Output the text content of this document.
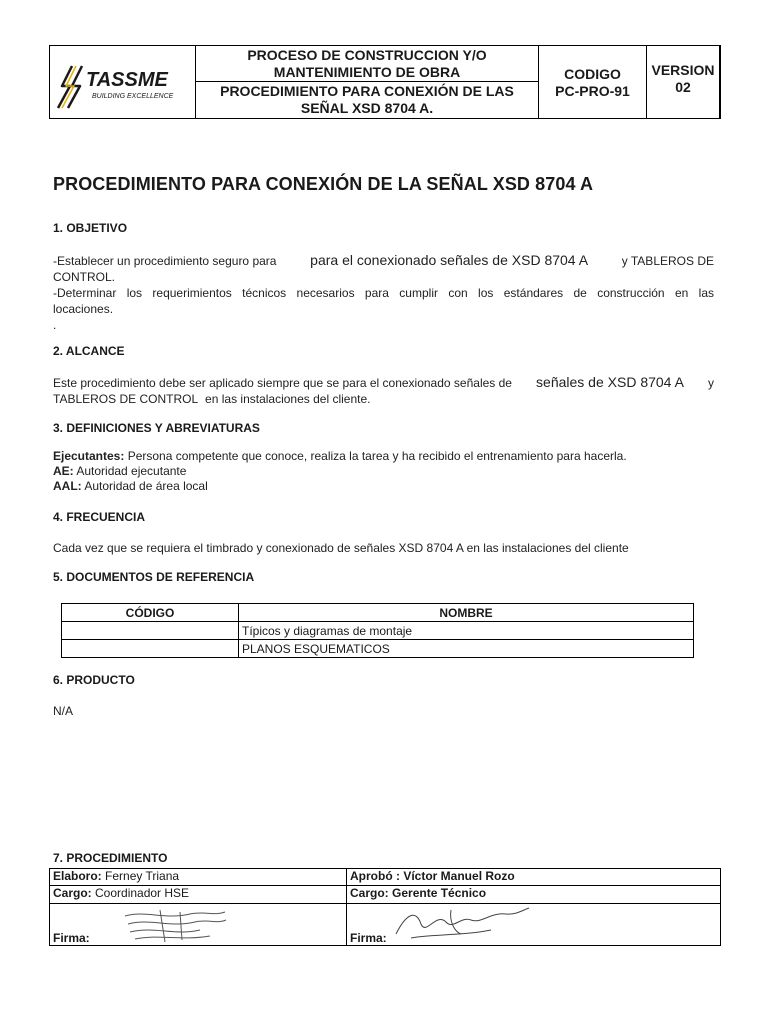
TASSME
BUILDING EXCELLENCE
PROCESO DE CONSTRUCCION Y/O MANTENIMIENTO DE OBRA
PROCEDIMIENTO PARA CONEXIÓN DE LAS SEÑAL XSD 8704 A.
CODIGO
PC-PRO-91
VERSION
02
PROCEDIMIENTO PARA CONEXIÓN DE LA SEÑAL XSD 8704 A
1. OBJETIVO
-Establecer un procedimiento seguro para para el conexionado señales de XSD 8704 A	y TABLEROS DE
CONTROL.
-Determinar los requerimientos técnicos necesarios para cumplir con los estándares de construcción en las
locaciones.
.
2. ALCANCE
Este procedimiento debe ser aplicado siempre que se para el conexionado señales de señales de XSD 8704 A y
TABLEROS DE CONTROL en las instalaciones del cliente.
3. DEFINICIONES Y ABREVIATURAS
Ejecutantes: Persona competente que conoce, realiza la tarea y ha recibido el entrenamiento para hacerla.
AE: Autoridad ejecutante
AAL: Autoridad de área local
4. FRECUENCIA
Cada vez que se requiera el timbrado y conexionado de señales XSD 8704 A en las instalaciones del cliente
5. DOCUMENTOS DE REFERENCIA
CÓDIGO	NOMBRE
	Típicos y diagramas de montaje
	PLANOS ESQUEMATICOS
6. PRODUCTO
N/A
7. PROCEDIMIENTO
Elaboro: Ferney Triana	Aprobó : Víctor Manuel Rozo
Cargo: Coordinador HSE	Cargo: Gerente Técnico
Firma:	Firma:
